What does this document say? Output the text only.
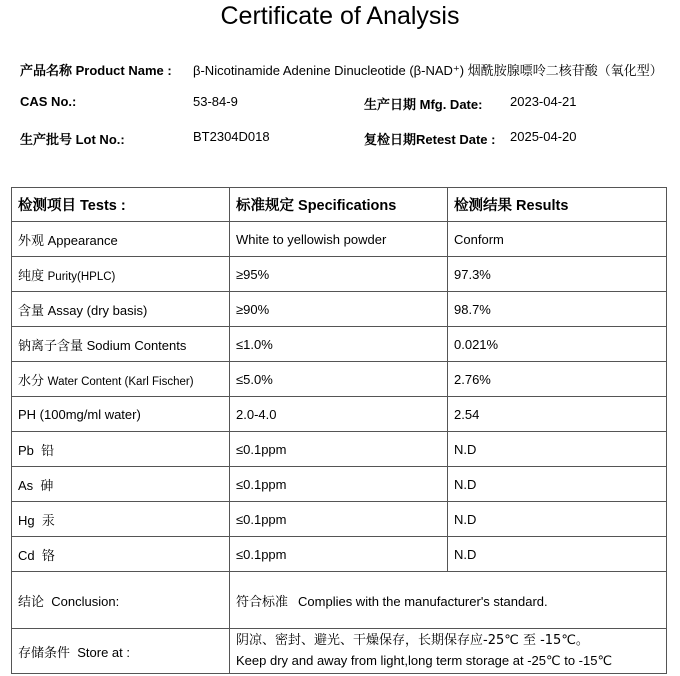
Certificate of Analysis
产品名称 Product Name : β-Nicotinamide Adenine Dinucleotide (β-NAD⁺) 烟酰胺腺嘌呤二核苷酸（氧化型）
CAS No.:	53-84-9	生产日期 Mfg. Date: 2023-04-21
生产批号 Lot No.:	BT2304D018	复检日期Retest Date : 2025-04-20
检测项目 Tests :	标准规定 Specifications	检测结果 Results
外观 Appearance	White to yellowish powder	Conform
纯度 Purity(HPLC)	≥95%	97.3%
含量 Assay (dry basis)	≥90%	98.7%
钠离子含量 Sodium Contents	≤1.0%	0.021%
水分 Water Content (Karl Fischer)	≤5.0%	2.76%
PH (100mg/ml water)	2.0-4.0	2.54
Pb 铅	≤0.1ppm	N.D
As 砷	≤0.1ppm	N.D
Hg 汞	≤0.1ppm	N.D
Cd 铬	≤0.1ppm	N.D
结论 Conclusion:	符合标准 Complies with the manufacturer's standard.	
存储条件 Store at :	阴凉、密封、避光、干燥保存，长期保存应-25℃ 至 -15℃。
Keep dry and away from light,long term storage at -25℃ to -15℃	
